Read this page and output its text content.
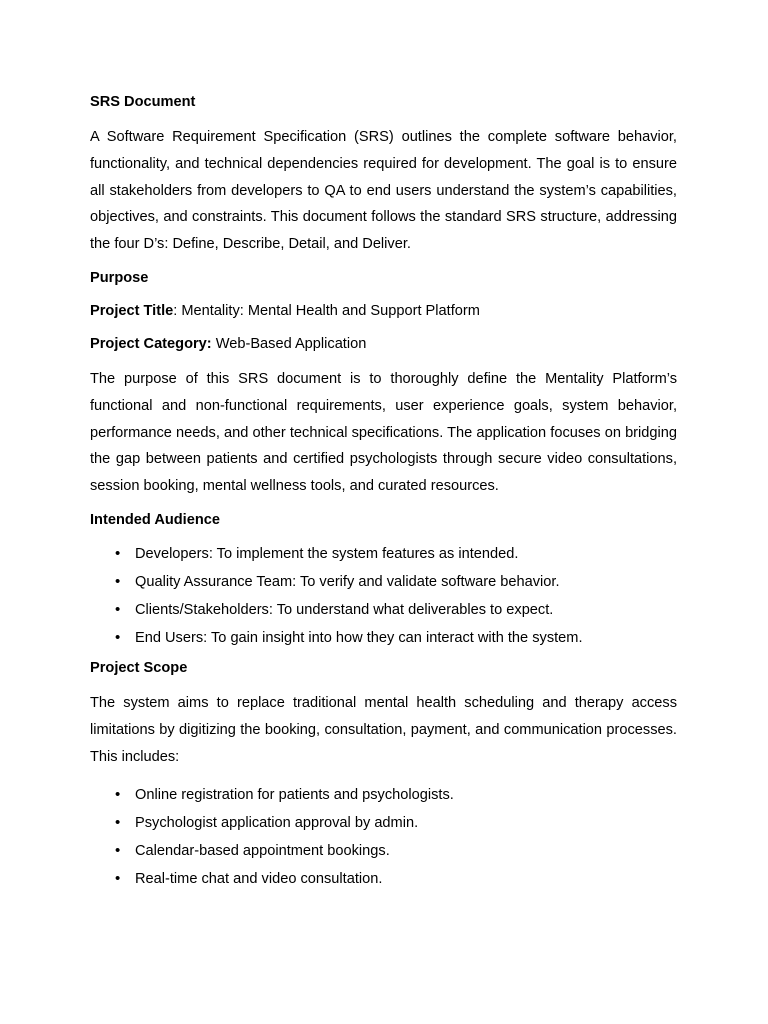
SRS Document

A Software Requirement Specification (SRS) outlines the complete software behavior, functionality, and technical dependencies required for development. The goal is to ensure all stakeholders from developers to QA to end users understand the system’s capabilities, objectives, and constraints. This document follows the standard SRS structure, addressing the four D’s: Define, Describe, Detail, and Deliver.

Purpose

Project Title: Mentality: Mental Health and Support Platform

Project Category: Web-Based Application

The purpose of this SRS document is to thoroughly define the Mentality Platform’s functional and non-functional requirements, user experience goals, system behavior, performance needs, and other technical specifications. The application focuses on bridging the gap between patients and certified psychologists through secure video consultations, session booking, mental wellness tools, and curated resources.

Intended Audience

• Developers: To implement the system features as intended.
• Quality Assurance Team: To verify and validate software behavior.
• Clients/Stakeholders: To understand what deliverables to expect.
• End Users: To gain insight into how they can interact with the system.

Project Scope

The system aims to replace traditional mental health scheduling and therapy access limitations by digitizing the booking, consultation, payment, and communication processes. This includes:

• Online registration for patients and psychologists.
• Psychologist application approval by admin.
• Calendar-based appointment bookings.
• Real-time chat and video consultation.
